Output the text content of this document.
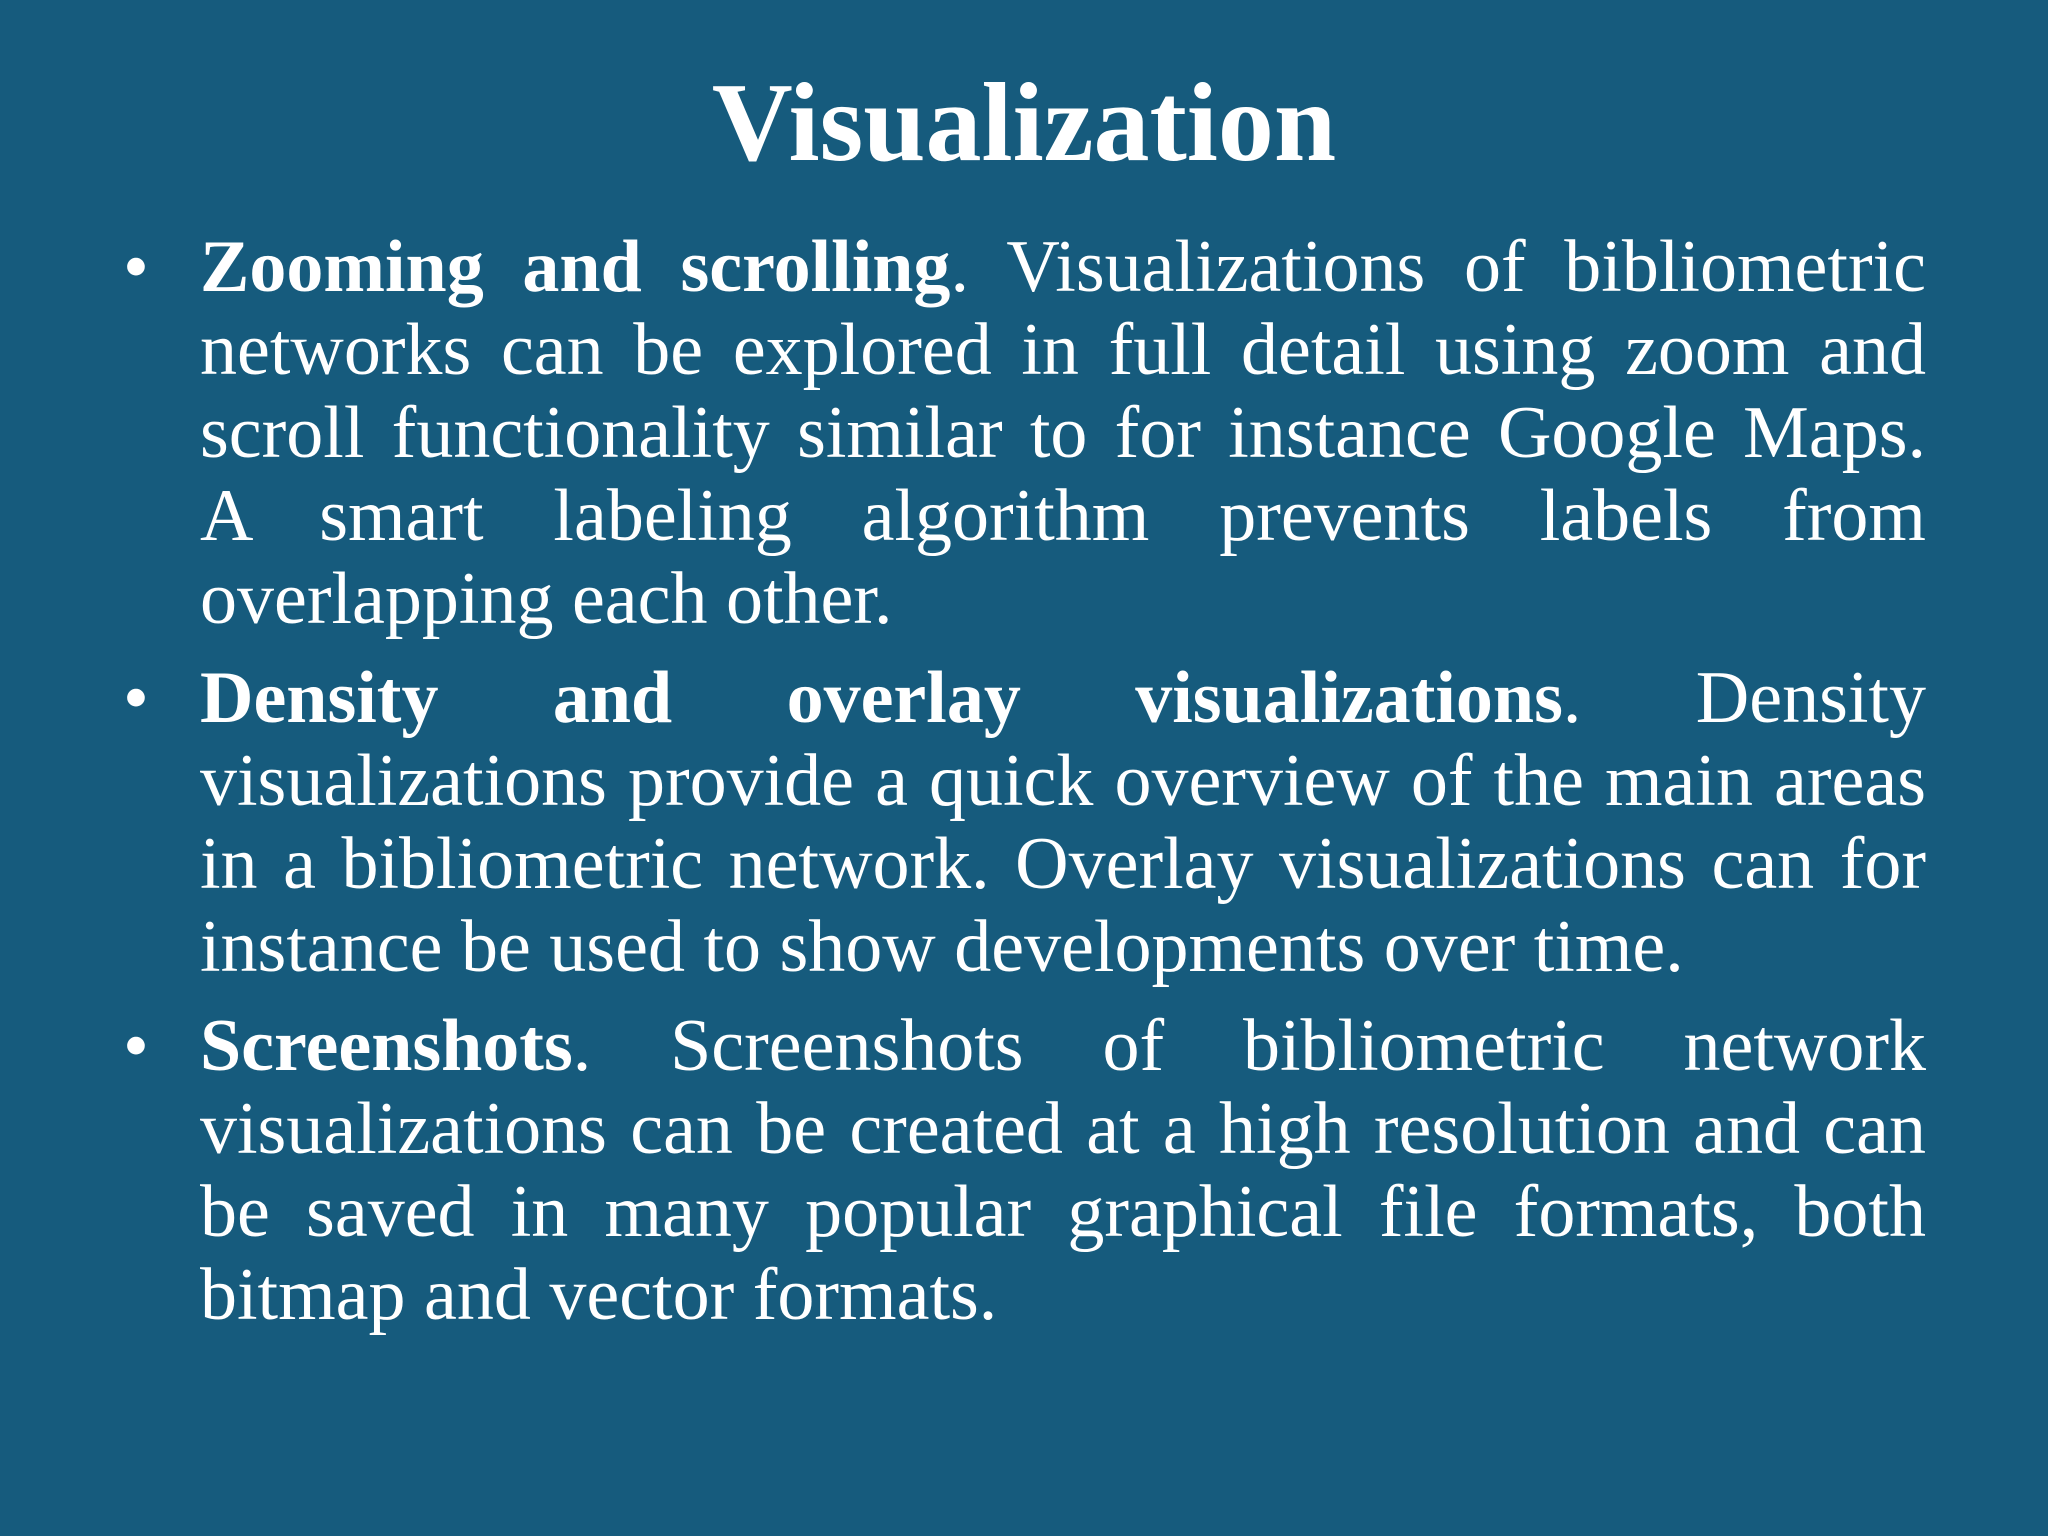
Visualization
• Zooming and scrolling. Visualizations of bibliometric networks can be explored in full detail using zoom and scroll functionality similar to for instance Google Maps. A smart labeling algorithm prevents labels from overlapping each other.
• Density and overlay visualizations. Density visualizations provide a quick overview of the main areas in a bibliometric network. Overlay visualizations can for instance be used to show developments over time.
• Screenshots. Screenshots of bibliometric network visualizations can be created at a high resolution and can be saved in many popular graphical file formats, both bitmap and vector formats.
